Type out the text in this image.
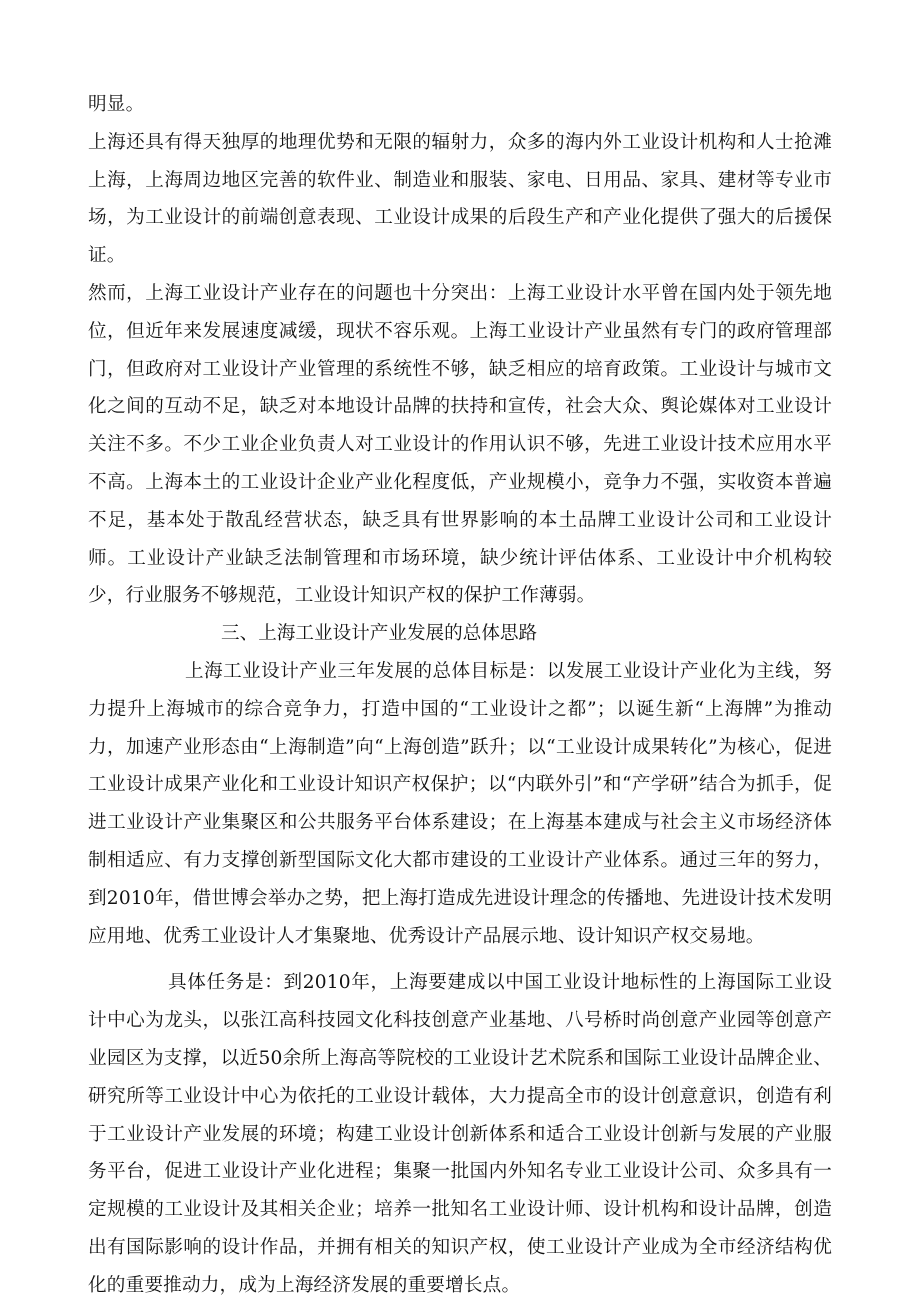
明显。

上海还具有得天独厚的地理优势和无限的辐射力，众多的海内外工业设计机构和人士抢滩上海，上海周边地区完善的软件业、制造业和服装、家电、日用品、家具、建材等专业市场，为工业设计的前端创意表现、工业设计成果的后段生产和产业化提供了强大的后援保证。

然而，上海工业设计产业存在的问题也十分突出：上海工业设计水平曾在国内处于领先地位，但近年来发展速度减缓，现状不容乐观。上海工业设计产业虽然有专门的政府管理部门，但政府对工业设计产业管理的系统性不够，缺乏相应的培育政策。工业设计与城市文化之间的互动不足，缺乏对本地设计品牌的扶持和宣传，社会大众、舆论媒体对工业设计关注不多。不少工业企业负责人对工业设计的作用认识不够，先进工业设计技术应用水平不高。上海本土的工业设计企业产业化程度低，产业规模小，竞争力不强，实收资本普遍不足，基本处于散乱经营状态，缺乏具有世界影响的本土品牌工业设计公司和工业设计师。工业设计产业缺乏法制管理和市场环境，缺少统计评估体系、工业设计中介机构较少，行业服务不够规范，工业设计知识产权的保护工作薄弱。

三、上海工业设计产业发展的总体思路

上海工业设计产业三年发展的总体目标是：以发展工业设计产业化为主线，努力提升上海城市的综合竞争力，打造中国的“工业设计之都”；以诞生新“上海牌”为推动力，加速产业形态由“上海制造”向“上海创造”跃升；以“工业设计成果转化”为核心，促进工业设计成果产业化和工业设计知识产权保护；以“内联外引”和“产学研”结合为抓手，促进工业设计产业集聚区和公共服务平台体系建设；在上海基本建成与社会主义市场经济体制相适应、有力支撑创新型国际文化大都市建设的工业设计产业体系。通过三年的努力，到2010年，借世博会举办之势，把上海打造成先进设计理念的传播地、先进设计技术发明应用地、优秀工业设计人才集聚地、优秀设计产品展示地、设计知识产权交易地。

具体任务是：到2010年，上海要建成以中国工业设计地标性的上海国际工业设计中心为龙头，以张江高科技园文化科技创意产业基地、八号桥时尚创意产业园等创意产业园区为支撑，以近50余所上海高等院校的工业设计艺术院系和国际工业设计品牌企业、研究所等工业设计中心为依托的工业设计载体，大力提高全市的设计创意意识，创造有利于工业设计产业发展的环境；构建工业设计创新体系和适合工业设计创新与发展的产业服务平台，促进工业设计产业化进程；集聚一批国内外知名专业工业设计公司、众多具有一定规模的工业设计及其相关企业；培养一批知名工业设计师、设计机构和设计品牌，创造出有国际影响的设计作品，并拥有相关的知识产权，使工业设计产业成为全市经济结构优化的重要推动力，成为上海经济发展的重要增长点。
